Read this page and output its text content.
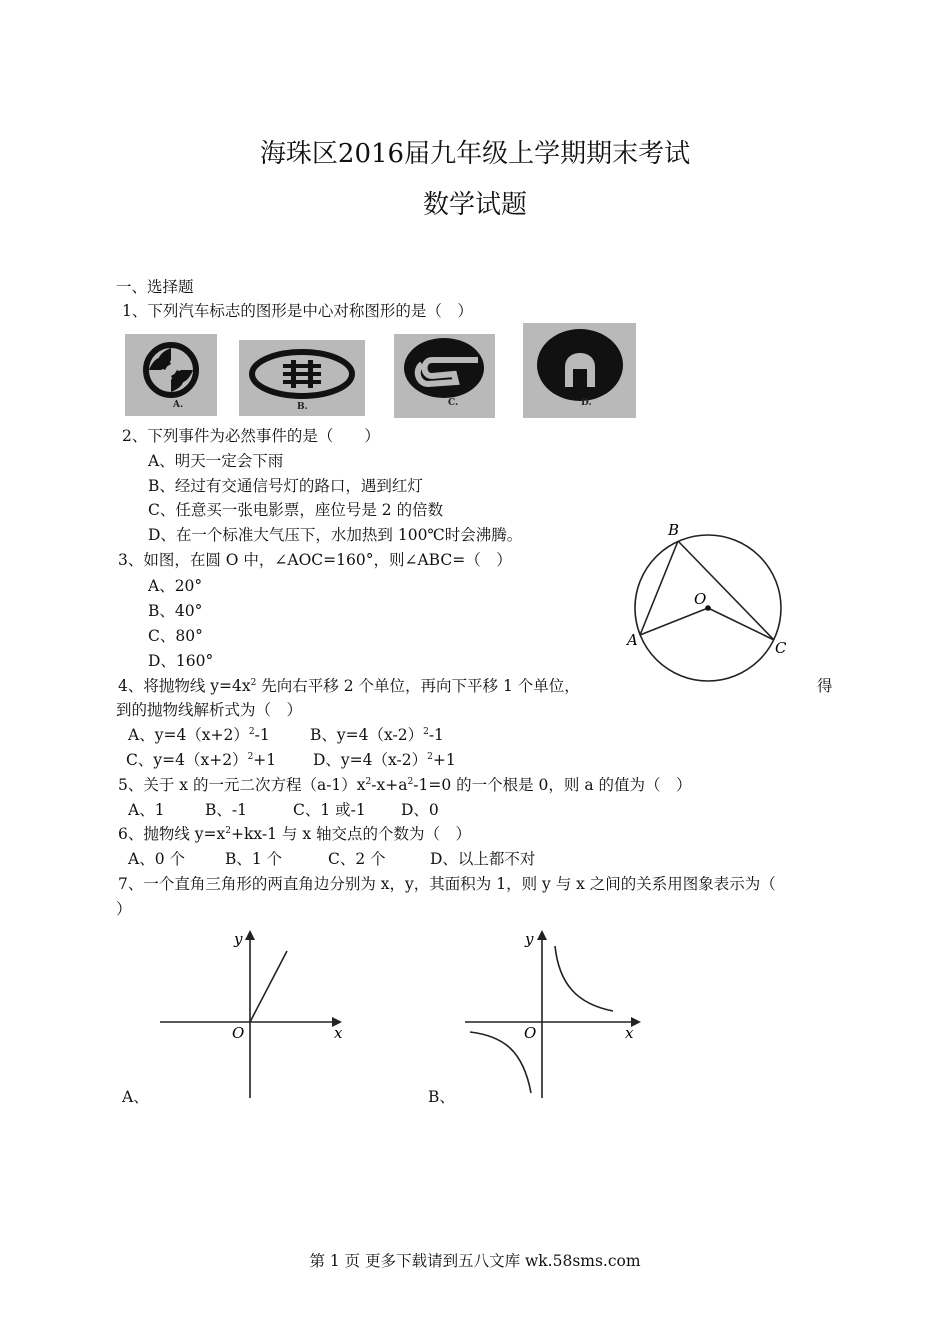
海珠区2016届九年级上学期期末考试
数学试题
一、选择题
1、下列汽车标志的图形是中心对称图形的是（　）
A.	B.	C.	D.
2、下列事件为必然事件的是（　　）
A、明天一定会下雨
B、经过有交通信号灯的路口，遇到红灯
C、任意买一张电影票，座位号是 2 的倍数
D、在一个标准大气压下，水加热到 100℃时会沸腾。
3、如图，在圆 O 中，∠AOC=160°，则∠ABC=（　）
A、20°
B、40°
C、80°
D、160°
B
O
A	C
4、将抛物线 $y=4x^2$ 先向右平移 2 个单位，再向下平移 1 个单位，	得
到的抛物线解析式为（　）
A、$y=4(x+2)^2-1$	B、$y=4(x-2)^2-1$
C、$y=4(x+2)^2+1$ D、$y=4(x-2)^2+1$
5、关于 x 的一元二次方程$(a-1)x^2-x+a^2-1=0$ 的一个根是 0，则 a 的值为（　）
A、1	B、-1	C、1 或-1 D、0
6、抛物线 $y=x^2+kx-1$ 与 x 轴交点的个数为（　）
A、0 个	B、1 个	C、2 个	D、以上都不对
7、一个直角三角形的两直角边分别为 x，y，其面积为 1，则 y 与 x 之间的关系用图象表示为（
）
y
x
O
A、
y
x
O
B、
第 1 页 更多下载请到五八文库 wk.58sms.com
